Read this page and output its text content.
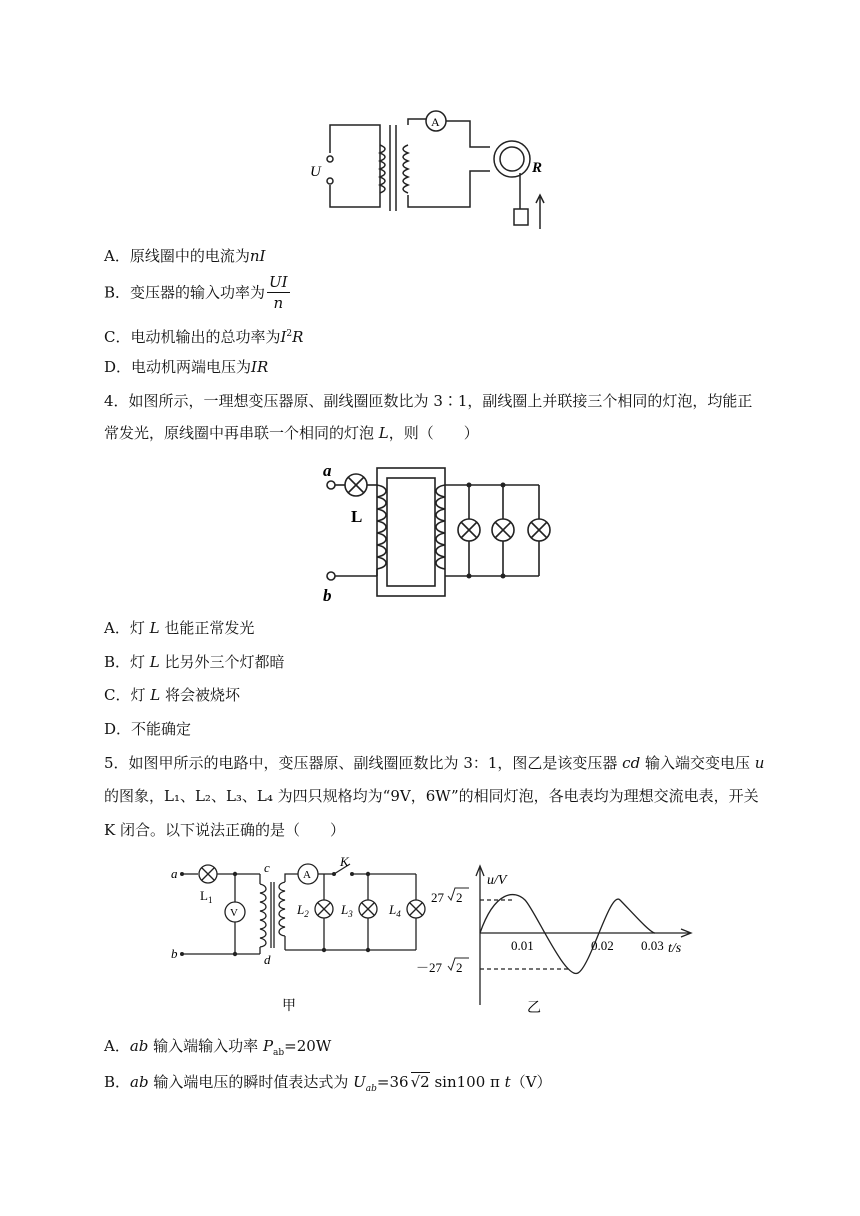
U
A
R
A．原线圈中的电流为nI
B．变压器的输入功率为 $\frac{UI}{n}$
C．电动机输出的总功率为$I^2R$
D．电动机两端电压为IR
4．如图所示，一理想变压器原、副线圈匝数比为 3∶1，副线圈上并联接三个相同的灯泡，均能正
常发光，原线圈中再串联一个相同的灯泡 L，则（　　）
a
b
L
A．灯 L 也能正常发光
B．灯 L 比另外三个灯都暗
C．灯 L 将会被烧坏
D．不能确定
5．如图甲所示的电路中，变压器原、副线圈匝数比为 3：1，图乙是该变压器 cd 输入端交变电压 u
的图象，L₁、L₂、L₃、L₄ 为四只规格均为“9V，6W”的相同灯泡，各电表均为理想交流电表，开关
K 闭合。以下说法正确的是（　　）
a
b
c
d
K
$L_1$
V
A
$L_2$ $L_3$	$L_4$
甲
u/V
t/s
27 2
－27 2
0.01	0.02 0.03
乙
A．ab 输入端输入功率 $P_{ab}=20W$
B．ab 输入端电压的瞬时值表达式为 $U_{ab}=36$ √2 sin100 π t（V）
